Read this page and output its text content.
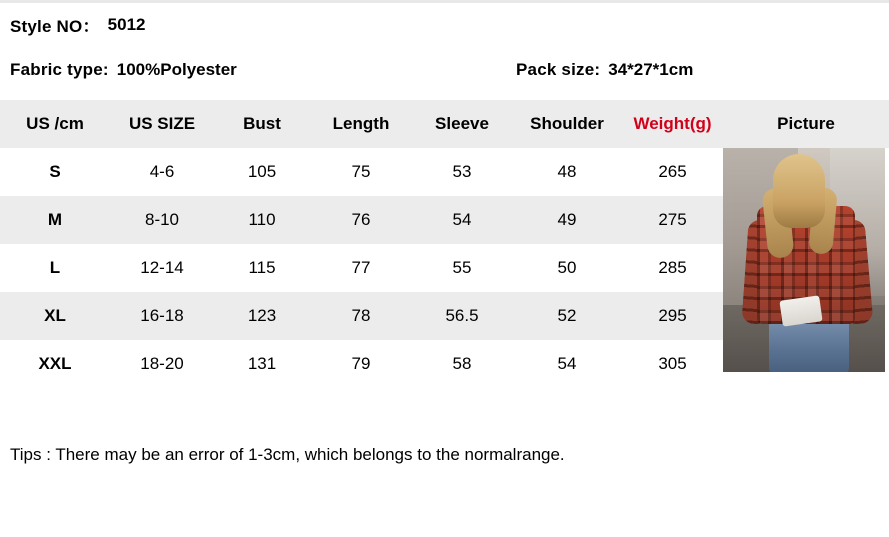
Style NO： 5012
Fabric type: 100%Polyester	Pack size: 34*27*1cm
US /cm	US SIZE	Bust	Length	Sleeve	Shoulder	Weight(g)	Picture
S	4-6	105	75	53	48	265	
M	8-10	110	76	54	49	275	
L	12-14	115	77	55	50	285	
XL	16-18	123	78	56.5	52	295	
XXL	18-20	131	79	58	54	305	
Tips : There may be an error of 1-3cm, which belongs to the normalrange.
